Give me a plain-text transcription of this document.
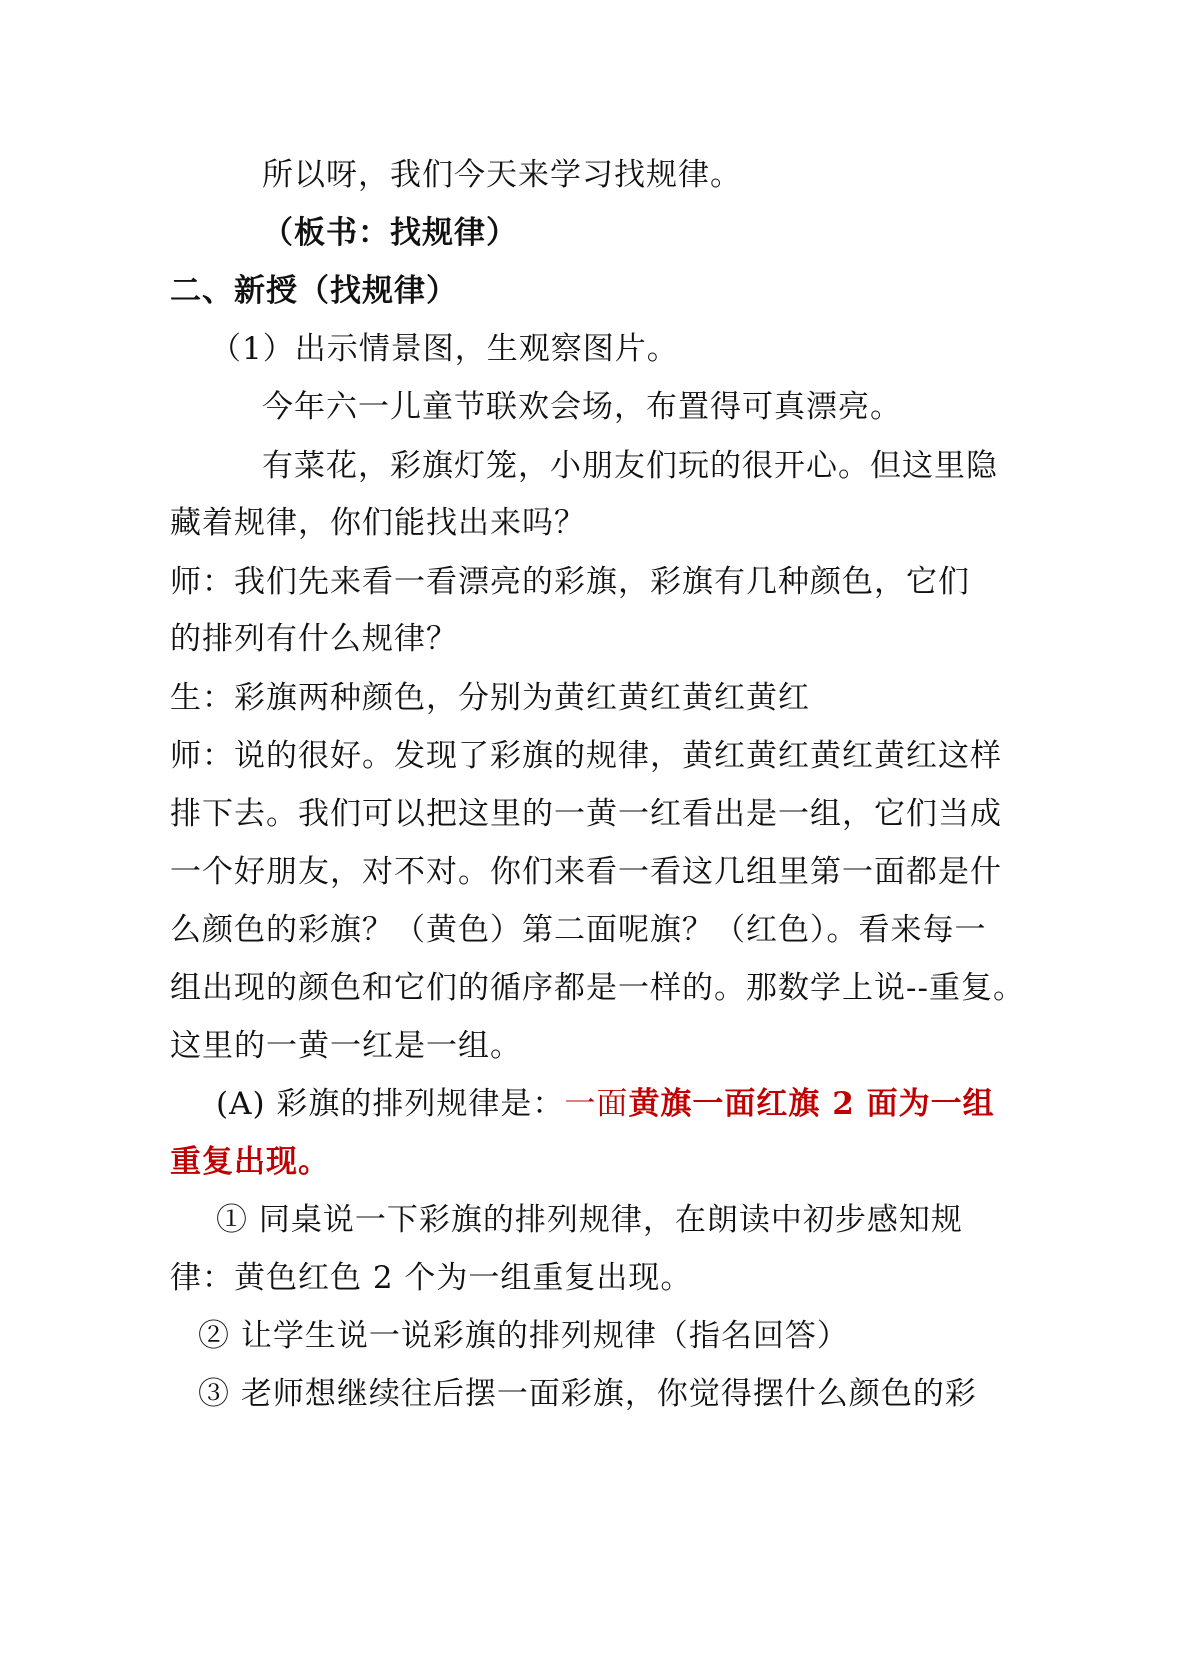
所以呀，我们今天来学习找规律。
（板书：找规律）
二、新授（找规律）
（1）出示情景图，生观察图片。
今年六一儿童节联欢会场，布置得可真漂亮。
有菜花，彩旗灯笼，小朋友们玩的很开心。但这里隐
藏着规律，你们能找出来吗？
师：我们先来看一看漂亮的彩旗，彩旗有几种颜色，它们
的排列有什么规律？
生：彩旗两种颜色，分别为黄红黄红黄红黄红
师：说的很好。发现了彩旗的规律，黄红黄红黄红黄红这样
排下去。我们可以把这里的一黄一红看出是一组，它们当成
一个好朋友，对不对。你们来看一看这几组里第一面都是什
么颜色的彩旗？（黄色）第二面呢旗？（红色）。看来每一
组出现的颜色和它们的循序都是一样的。那数学上说--重复。
这里的一黄一红是一组。
(A) 彩旗的排列规律是：一面黄旗一面红旗 2 面为一组
重复出现。
① 同桌说一下彩旗的排列规律，在朗读中初步感知规
律：黄色红色 2 个为一组重复出现。
② 让学生说一说彩旗的排列规律（指名回答）
③ 老师想继续往后摆一面彩旗，你觉得摆什么颜色的彩
